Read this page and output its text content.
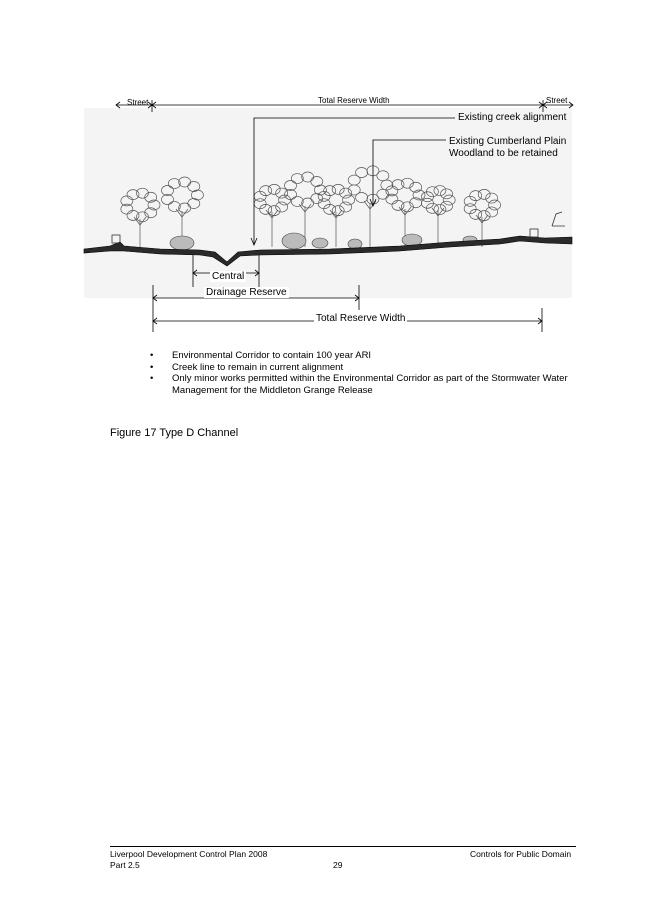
Street	Total Reserve Width	Street
Existing creek alignment
Existing Cumberland Plain
Woodland to be retained
Central
Drainage Reserve
Total Reserve Width
• Environmental Corridor to contain 100 year ARI
• Creek line to remain in current alignment
• Only minor works permitted within the Environmental Corridor as part of the Stormwater Water Management for the Middleton Grange Release
Figure 17 Type D Channel
Liverpool Development Control Plan 2008
Part 2.5	29
Controls for Public Domain
